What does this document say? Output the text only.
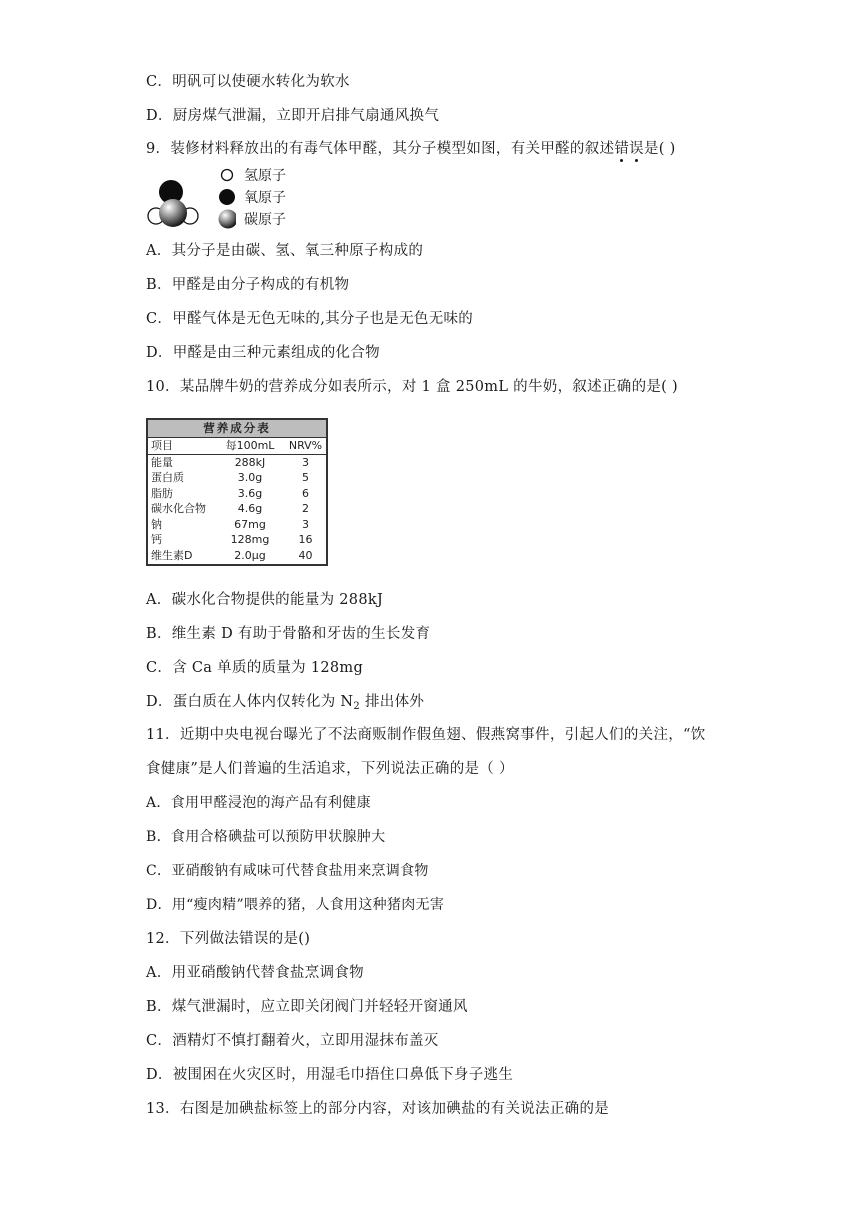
C．明矾可以使硬水转化为软水
D．厨房煤气泄漏，立即开启排气扇通风换气
9．装修材料释放出的有毒气体甲醛，其分子模型如图，有关甲醛的叙述错误是( )
氢原子
氧原子
碳原子
A．其分子是由碳、氢、氧三种原子构成的
B．甲醛是由分子构成的有机物
C．甲醛气体是无色无味的,其分子也是无色无味的
D．甲醛是由三种元素组成的化合物
10．某品牌牛奶的营养成分如表所示，对 1 盒 250mL 的牛奶，叙述正确的是( )
营养成分表
项目	每100mL	NRV%
能量	288kJ	3
蛋白质	3.0g	5
脂肪	3.6g	6
碳水化合物	4.6g	2
钠	67mg	3
钙	128mg	16
维生素D	2.0μg	40
A．碳水化合物提供的能量为 288kJ
B．维生素 D 有助于骨骼和牙齿的生长发育
C．含 Ca 单质的质量为 128mg
D．蛋白质在人体内仅转化为 $N_2$ 排出体外
11．近期中央电视台曝光了不法商贩制作假鱼翅、假燕窝事件，引起人们的关注，“饮
食健康”是人们普遍的生活追求，下列说法正确的是（ ）
A．食用甲醛浸泡的海产品有利健康
B．食用合格碘盐可以预防甲状腺肿大
C．亚硝酸钠有咸味可代替食盐用来烹调食物
D．用“瘦肉精”喂养的猪，人食用这种猪肉无害
12．下列做法错误的是()
A．用亚硝酸钠代替食盐烹调食物
B．煤气泄漏时，应立即关闭阀门并轻轻开窗通风
C．酒精灯不慎打翻着火，立即用湿抹布盖灭
D．被围困在火灾区时，用湿毛巾捂住口鼻低下身子逃生
13．右图是加碘盐标签上的部分内容，对该加碘盐的有关说法正确的是
